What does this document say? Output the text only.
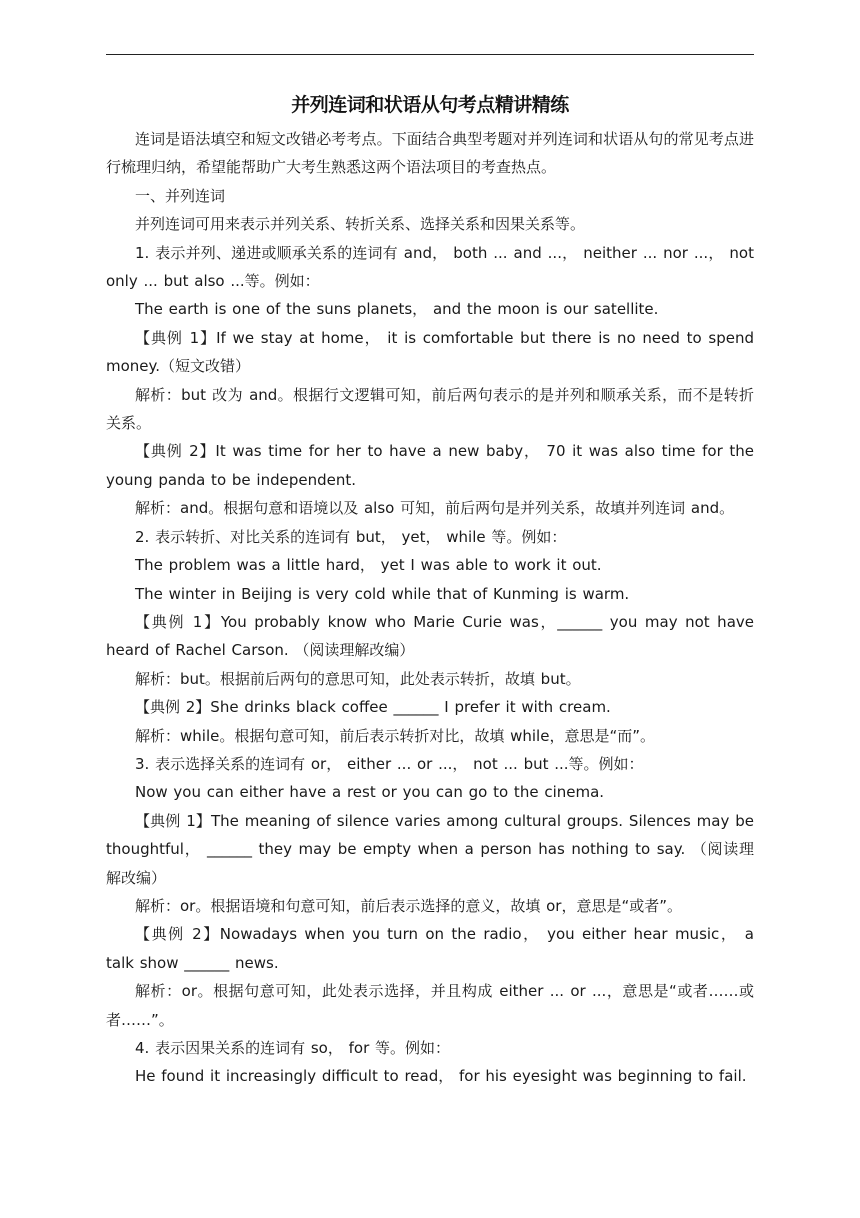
并列连词和状语从句考点精讲精练

连词是语法填空和短文改错必考考点。下面结合典型考题对并列连词和状语从句的常见考点进行梳理归纳，希望能帮助广大考生熟悉这两个语法项目的考查热点。

一、并列连词

并列连词可用来表示并列关系、转折关系、选择关系和因果关系等。

1. 表示并列、递进或顺承关系的连词有 and， both ... and ...， neither ... nor ...， not only ... but also ...等。例如：

The earth is one of the suns planets， and the moon is our satellite.

【典例 1】If we stay at home， it is comfortable but there is no need to spend money.（短文改错）

解析：but 改为 and。根据行文逻辑可知，前后两句表示的是并列和顺承关系，而不是转折关系。

【典例 2】It was time for her to have a new baby， 70 it was also time for the young panda to be independent.

解析：and。根据句意和语境以及 also 可知，前后两句是并列关系，故填并列连词 and。

2. 表示转折、对比关系的连词有 but， yet， while 等。例如：

The problem was a little hard， yet I was able to work it out.

The winter in Beijing is very cold while that of Kunming is warm.

【典例 1】You probably know who Marie Curie was，______ you may not have heard of Rachel Carson. （阅读理解改编）

解析：but。根据前后两句的意思可知，此处表示转折，故填 but。

【典例 2】She drinks black coffee ______ I prefer it with cream.

解析：while。根据句意可知，前后表示转折对比，故填 while，意思是“而”。

3. 表示选择关系的连词有 or， either ... or ...， not ... but ...等。例如：

Now you can either have a rest or you can go to the cinema.

【典例 1】The meaning of silence varies among cultural groups. Silences may be thoughtful， ______ they may be empty when a person has nothing to say. （阅读理解改编）

解析：or。根据语境和句意可知，前后表示选择的意义，故填 or，意思是“或者”。

【典例 2】Nowadays when you turn on the radio， you either hear music， a talk show ______ news.

解析：or。根据句意可知，此处表示选择，并且构成 either ... or ...，意思是“或者……或者……”。

4. 表示因果关系的连词有 so， for 等。例如：

He found it increasingly difficult to read， for his eyesight was beginning to fail.
